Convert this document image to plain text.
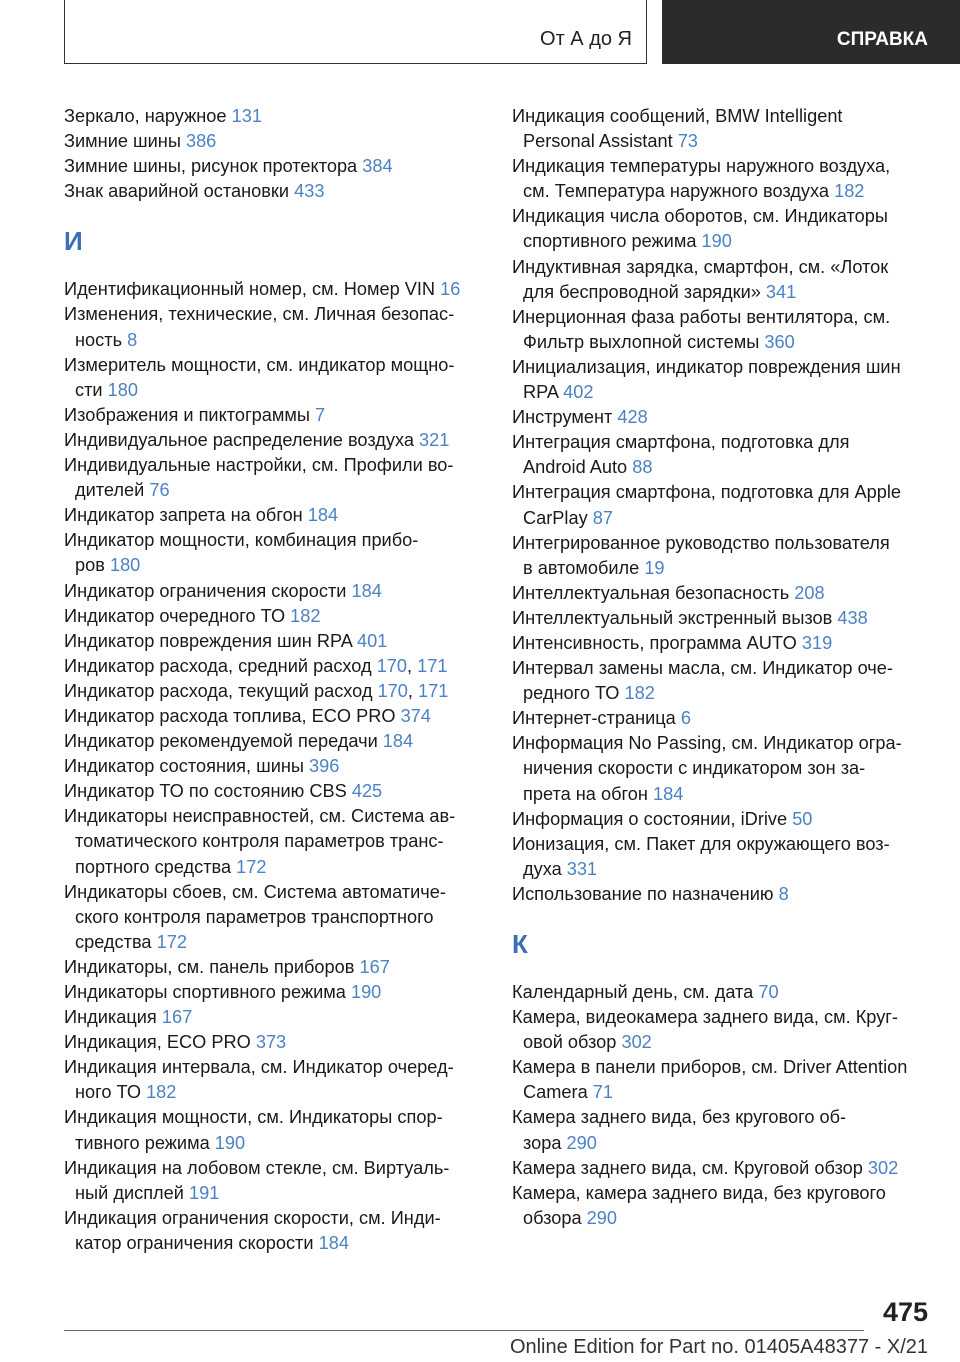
От А до Я	СПРАВКА
Зеркало, наружное 131
Зимние шины 386
Зимние шины, рисунок протектора 384
Знак аварийной остановки 433
И
Идентификационный номер, см. Номер VIN 16
Изменения, технические, см. Личная безопас-
ность 8
Измеритель мощности, см. индикатор мощно-
сти 180
Изображения и пиктограммы 7
Индивидуальное распределение воздуха 321
Индивидуальные настройки, см. Профили во-
дителей 76
Индикатор запрета на обгон 184
Индикатор мощности, комбинация прибо-
ров 180
Индикатор ограничения скорости 184
Индикатор очередного ТО 182
Индикатор повреждения шин RPA 401
Индикатор расхода, средний расход 170, 171
Индикатор расхода, текущий расход 170, 171
Индикатор расхода топлива, ECO PRO 374
Индикатор рекомендуемой передачи 184
Индикатор состояния, шины 396
Индикатор ТО по состоянию CBS 425
Индикаторы неисправностей, см. Система ав-
томатического контроля параметров транс-
портного средства 172
Индикаторы сбоев, см. Система автоматиче-
ского контроля параметров транспортного
средства 172
Индикаторы, см. панель приборов 167
Индикаторы спортивного режима 190
Индикация 167
Индикация, ECO PRO 373
Индикация интервала, см. Индикатор очеред-
ного ТО 182
Индикация мощности, см. Индикаторы спор-
тивного режима 190
Индикация на лобовом стекле, см. Виртуаль-
ный дисплей 191
Индикация ограничения скорости, см. Инди-
катор ограничения скорости 184
Индикация сообщений, BMW Intelligent
Personal Assistant 73
Индикация температуры наружного воздуха,
см. Температура наружного воздуха 182
Индикация числа оборотов, см. Индикаторы
спортивного режима 190
Индуктивная зарядка, смартфон, см. «Лоток
для беспроводной зарядки» 341
Инерционная фаза работы вентилятора, см.
Фильтр выхлопной системы 360
Инициализация, индикатор повреждения шин
RPA 402
Инструмент 428
Интеграция смартфона, подготовка для
Android Auto 88
Интеграция смартфона, подготовка для Apple
CarPlay 87
Интегрированное руководство пользователя
в автомобиле 19
Интеллектуальная безопасность 208
Интеллектуальный экстренный вызов 438
Интенсивность, программа AUTO 319
Интервал замены масла, см. Индикатор оче-
редного ТО 182
Интернет-страница 6
Информация No Passing, см. Индикатор огра-
ничения скорости с индикатором зон за-
прета на обгон 184
Информация о состоянии, iDrive 50
Ионизация, см. Пакет для окружающего воз-
духа 331
Использование по назначению 8
К
Календарный день, см. дата 70
Камера, видеокамера заднего вида, см. Круг-
овой обзор 302
Камера в панели приборов, см. Driver Attention
Camera 71
Камера заднего вида, без кругового об-
зора 290
Камера заднего вида, см. Круговой обзор 302
Камера, камера заднего вида, без кругового
обзора 290
475
Online Edition for Part no. 01405A48377 - X/21
